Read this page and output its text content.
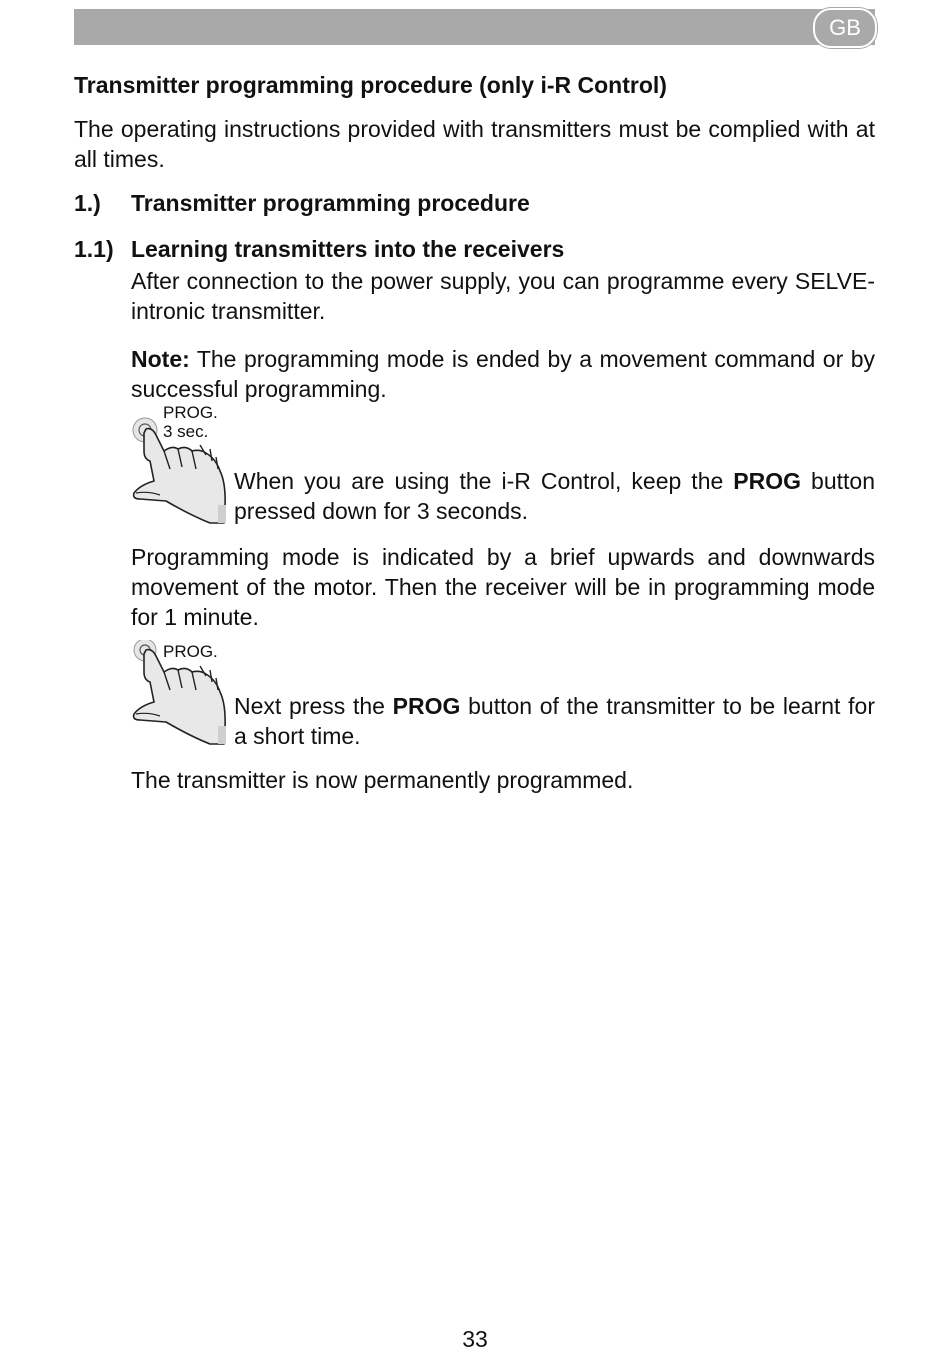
GB
Transmitter programming procedure (only i-R Control)
The operating instructions provided with transmitters must be complied with at all times.
1.) Transmitter programming procedure
1.1) Learning transmitters into the receivers
After connection to the power supply, you can programme every SELVE-intronic transmitter.
Note: The programming mode is ended by a movement command or by successful programming.
PROG.
3 sec.
When you are using the i-R Control, keep the PROG button pressed down for 3 seconds.
Programming mode is indicated by a brief upwards and downwards movement of the motor. Then the receiver will be in programming mode for 1 minute.
PROG.
Next press the PROG button of the transmitter to be learnt for a short time.
The transmitter is now permanently programmed.
33
